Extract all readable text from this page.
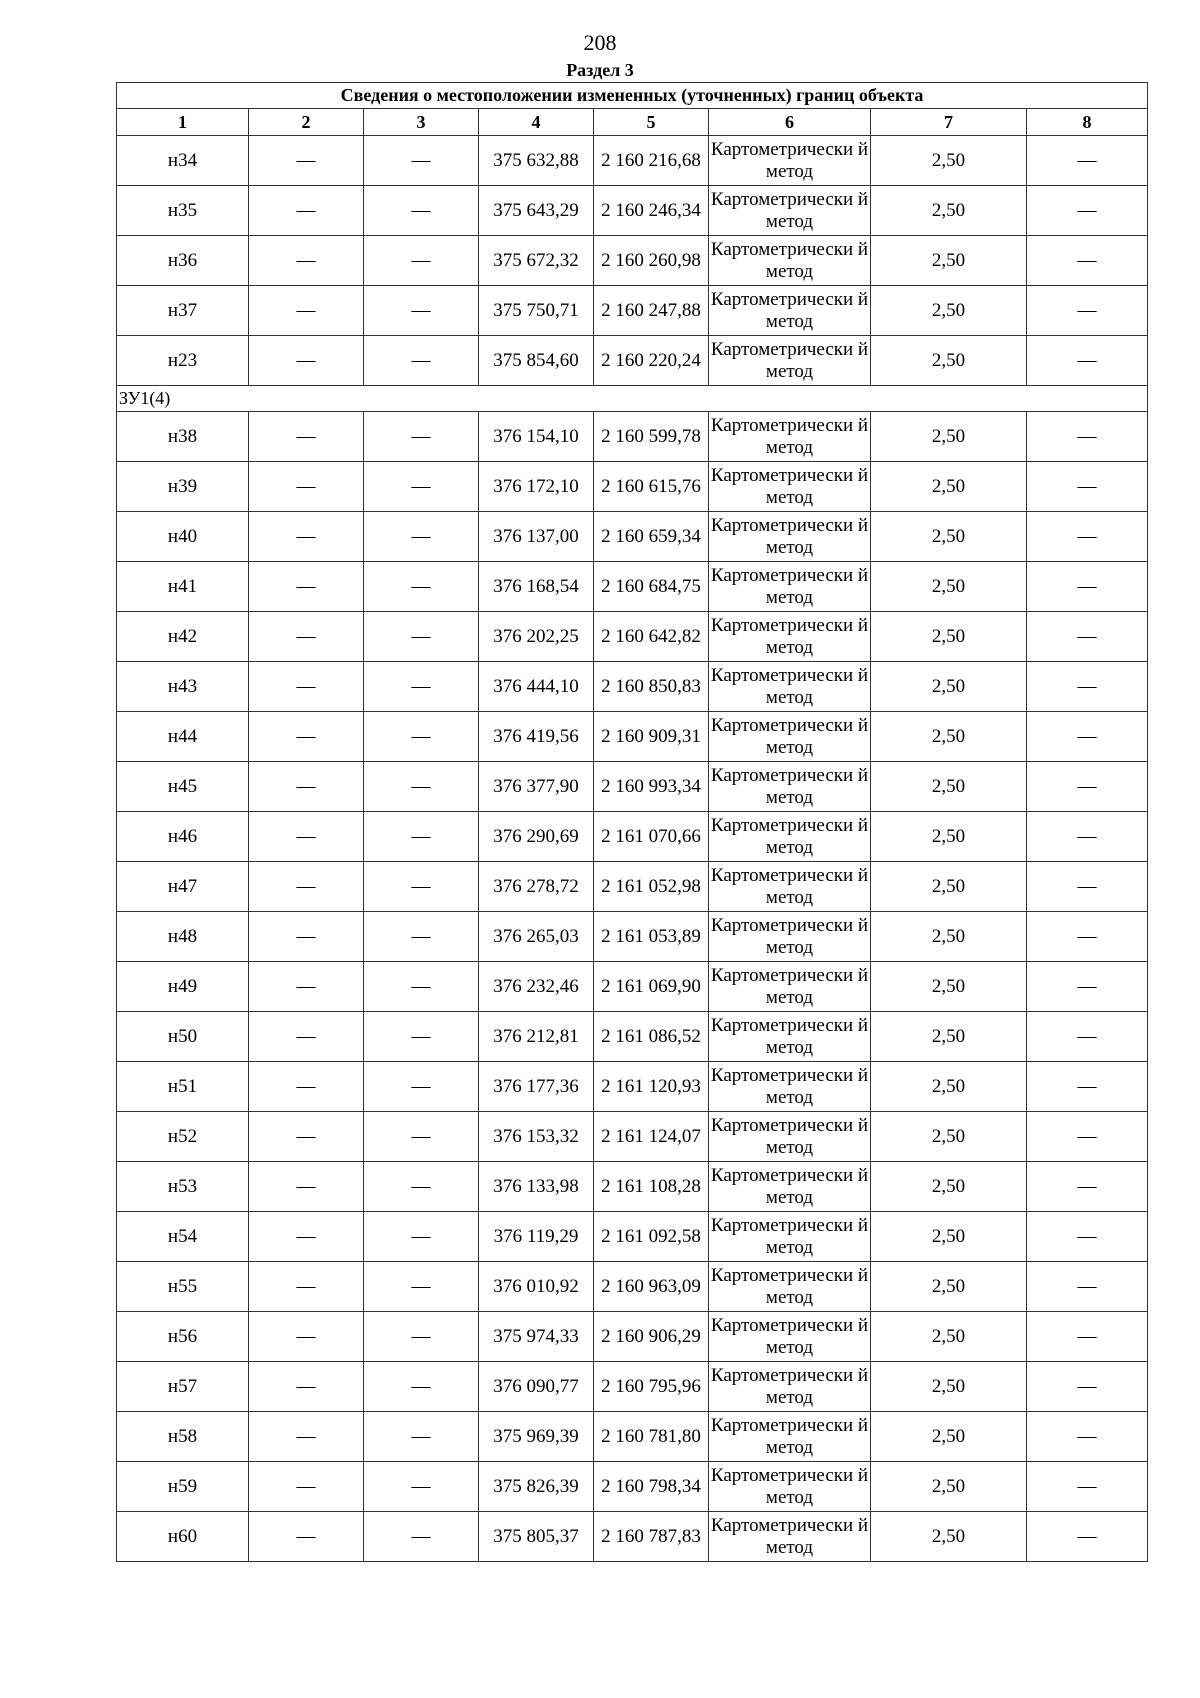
208
Раздел 3
Сведения о местоположении измененных (уточненных) границ объекта							
1	2	3	4	5	6	7	8
н34	—	—	375 632,88	2 160 216,68	Картометрически й метод	2,50	—
н35	—	—	375 643,29	2 160 246,34	Картометрически й метод	2,50	—
н36	—	—	375 672,32	2 160 260,98	Картометрически й метод	2,50	—
н37	—	—	375 750,71	2 160 247,88	Картометрически й метод	2,50	—
н23	—	—	375 854,60	2 160 220,24	Картометрически й метод	2,50	—
ЗУ1(4)							
н38	—	—	376 154,10	2 160 599,78	Картометрически й метод	2,50	—
н39	—	—	376 172,10	2 160 615,76	Картометрически й метод	2,50	—
н40	—	—	376 137,00	2 160 659,34	Картометрически й метод	2,50	—
н41	—	—	376 168,54	2 160 684,75	Картометрически й метод	2,50	—
н42	—	—	376 202,25	2 160 642,82	Картометрически й метод	2,50	—
н43	—	—	376 444,10	2 160 850,83	Картометрически й метод	2,50	—
н44	—	—	376 419,56	2 160 909,31	Картометрически й метод	2,50	—
н45	—	—	376 377,90	2 160 993,34	Картометрически й метод	2,50	—
н46	—	—	376 290,69	2 161 070,66	Картометрически й метод	2,50	—
н47	—	—	376 278,72	2 161 052,98	Картометрически й метод	2,50	—
н48	—	—	376 265,03	2 161 053,89	Картометрически й метод	2,50	—
н49	—	—	376 232,46	2 161 069,90	Картометрически й метод	2,50	—
н50	—	—	376 212,81	2 161 086,52	Картометрически й метод	2,50	—
н51	—	—	376 177,36	2 161 120,93	Картометрически й метод	2,50	—
н52	—	—	376 153,32	2 161 124,07	Картометрически й метод	2,50	—
н53	—	—	376 133,98	2 161 108,28	Картометрически й метод	2,50	—
н54	—	—	376 119,29	2 161 092,58	Картометрически й метод	2,50	—
н55	—	—	376 010,92	2 160 963,09	Картометрически й метод	2,50	—
н56	—	—	375 974,33	2 160 906,29	Картометрически й метод	2,50	—
н57	—	—	376 090,77	2 160 795,96	Картометрически й метод	2,50	—
н58	—	—	375 969,39	2 160 781,80	Картометрически й метод	2,50	—
н59	—	—	375 826,39	2 160 798,34	Картометрически й метод	2,50	—
н60	—	—	375 805,37	2 160 787,83	Картометрически й метод	2,50	—
